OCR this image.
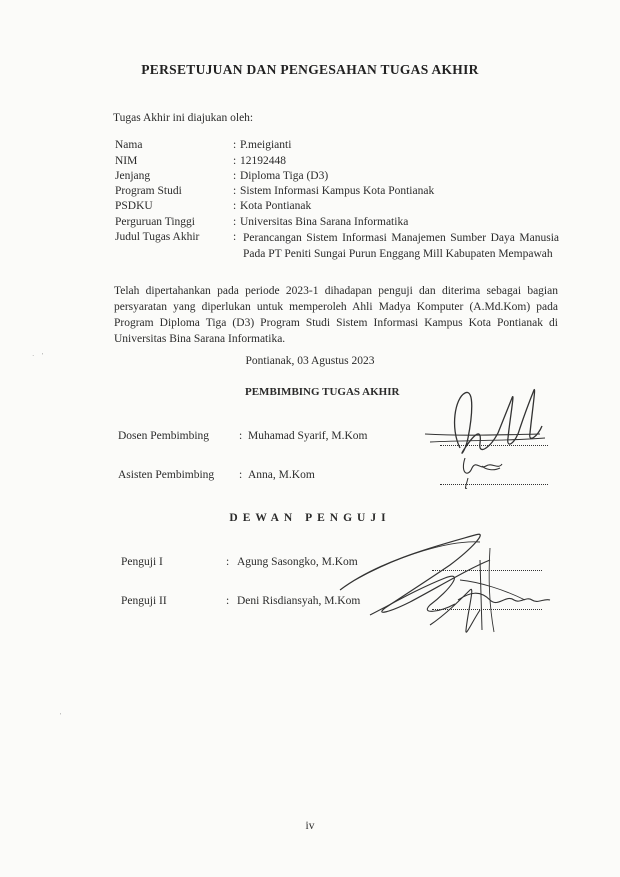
PERSETUJUAN DAN PENGESAHAN TUGAS AKHIR
Tugas Akhir ini diajukan oleh:
Nama	: P.meigianti
NIM	: 12192448
Jenjang	: Diploma Tiga (D3)
Program Studi	: Sistem Informasi Kampus Kota Pontianak
PSDKU	: Kota Pontianak
Perguruan Tinggi	: Universitas Bina Sarana Informatika
Judul Tugas Akhir	: Perancangan Sistem Informasi Manajemen Sumber Daya Manusia Pada PT Peniti Sungai Purun Enggang Mill Kabupaten Mempawah
Telah dipertahankan pada periode 2023-1 dihadapan penguji dan diterima sebagai bagian persyaratan yang diperlukan untuk memperoleh Ahli Madya Komputer (A.Md.Kom) pada Program Diploma Tiga (D3) Program Studi Sistem Informasi Kampus Kota Pontianak di Universitas Bina Sarana Informatika.
Pontianak, 03 Agustus 2023
PEMBIMBING TUGAS AKHIR
Dosen Pembimbing	: Muhamad Syarif, M.Kom
Asisten Pembimbing : Anna, M.Kom
DEWAN PENGUJI
Penguji I	: Agung Sasongko, M.Kom
Penguji II	: Deni Risdiansyah, M.Kom
'
·
'
iv
